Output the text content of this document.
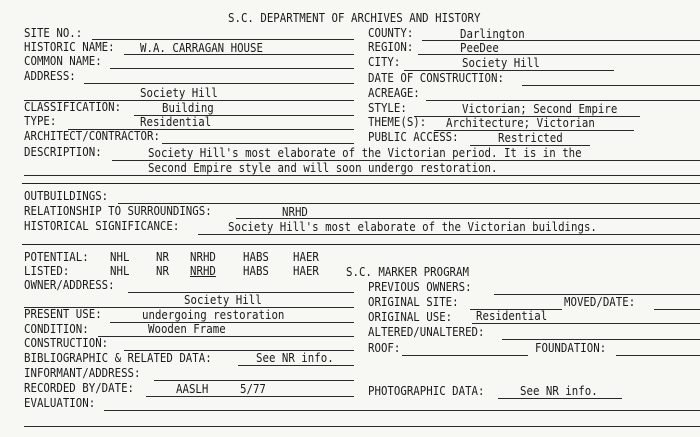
S.C. DEPARTMENT OF ARCHIVES AND HISTORY
SITE NO.:	COUNTY:	Darlington
HISTORIC NAME: W.A. CARRAGAN HOUSE	REGION:	PeeDee
COMMON NAME:	CITY:	Society Hill
ADDRESS:	DATE OF CONSTRUCTION:
Society Hill	ACREAGE:
CLASSIFICATION:	Building	STYLE:	Victorian; Second Empire
TYPE:	Residential	THEME(S): Architecture; Victorian
ARCHITECT/CONTRACTOR:	PUBLIC ACCESS:	Restricted
DESCRIPTION:	Society Hill's most elaborate of the Victorian period. It is in the
Second Empire style and will soon undergo restoration.
OUTBUILDINGS:
RELATIONSHIP TO SURROUNDINGS:	NRHD
HISTORICAL SIGNIFICANCE:	Society Hill's most elaborate of the Victorian buildings.
POTENTIAL: NHL NR NRHD HABS HAER
LISTED:	NHL NR NRHD HABS HAER S.C. MARKER PROGRAM
OWNER/ADDRESS:	PREVIOUS OWNERS:
Society Hill	ORIGINAL SITE:	MOVED/DATE:
PRESENT USE:	undergoing restoration	ORIGINAL USE: Residential
CONDITION:	Wooden Frame	ALTERED/UNALTERED:
CONSTRUCTION:	ROOF:	FOUNDATION:
BIBLIOGRAPHIC & RELATED DATA:	See NR info.
INFORMANT/ADDRESS:
RECORDED BY/DATE:	AASLH	5/77	PHOTOGRAPHIC DATA:	See NR info.
EVALUATION:
